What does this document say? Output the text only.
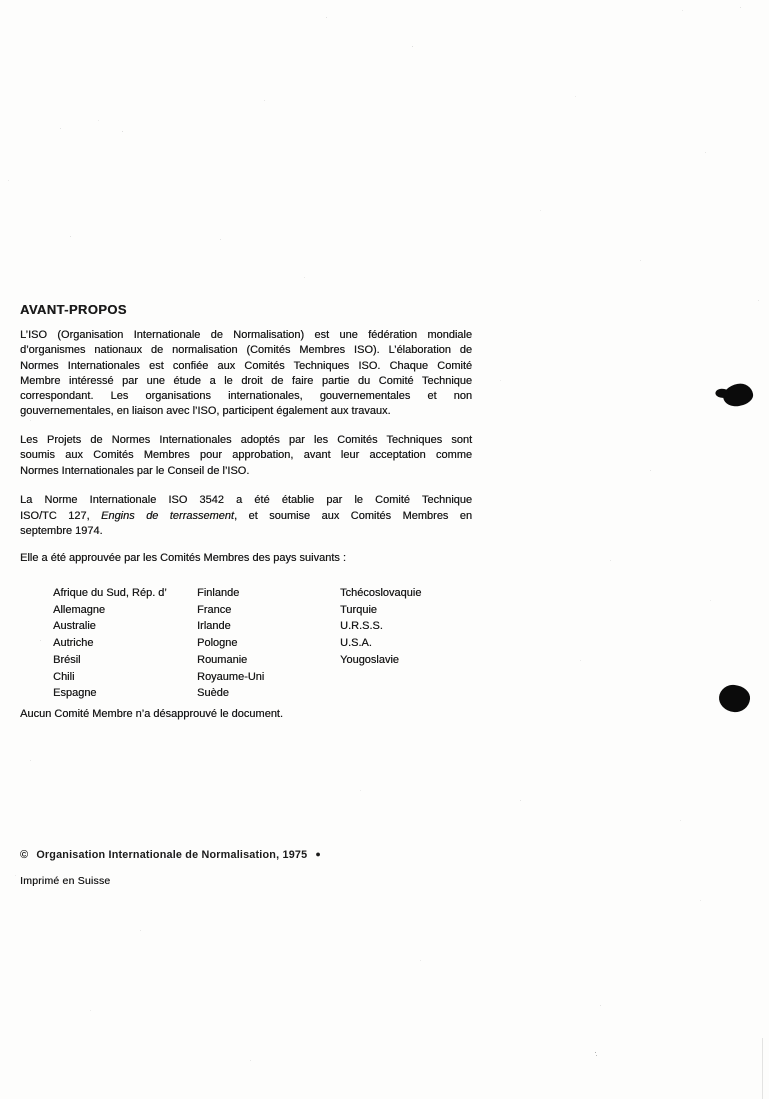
AVANT-PROPOS
L’ISO (Organisation Internationale de Normalisation) est une fédération mondiale
d’organismes nationaux de normalisation (Comités Membres ISO). L’élaboration de
Normes Internationales est confiée aux Comités Techniques ISO. Chaque Comité
Membre intéressé par une étude a le droit de faire partie du Comité Technique
correspondant. Les organisations internationales, gouvernementales et non
gouvernementales, en liaison avec l’ISO, participent également aux travaux.
Les Projets de Normes Internationales adoptés par les Comités Techniques sont
soumis aux Comités Membres pour approbation, avant leur acceptation comme
Normes Internationales par le Conseil de l’ISO.
La Norme Internationale ISO 3542 a été établie par le Comité Technique
ISO/TC 127, Engins de terrassement, et soumise aux Comités Membres en
septembre 1974.
Elle a été approuvée par les Comités Membres des pays suivants :
Afrique du Sud, Rép. d’
Allemagne
Australie
Autriche
Brésil
Chili
Espagne
Finlande
France
Irlande
Pologne
Roumanie
Royaume-Uni
Suède
Tchécoslovaquie
Turquie
U.R.S.S.
U.S.A.
Yougoslavie
Aucun Comité Membre n’a désapprouvé le document.
© Organisation Internationale de Normalisation, 1975 ●
Imprimé en Suisse
